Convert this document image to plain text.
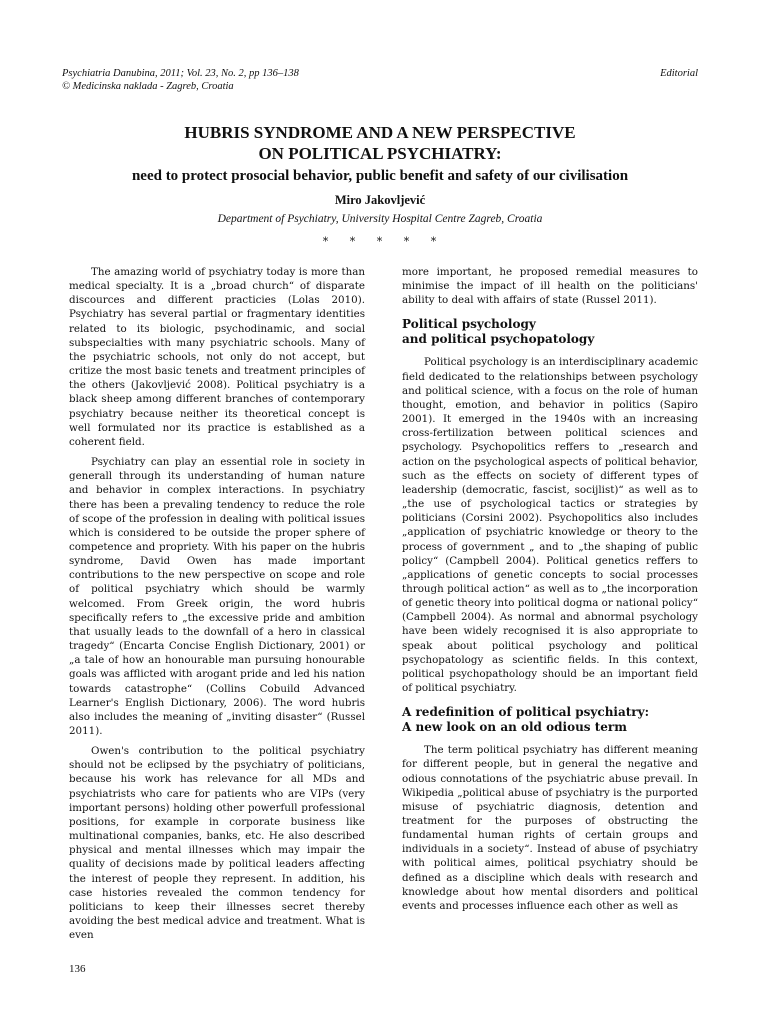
Psychiatria Danubina, 2011; Vol. 23, No. 2, pp 136–138
© Medicinska naklada - Zagreb, Croatia
Editorial
HUBRIS SYNDROME AND A NEW PERSPECTIVE
ON POLITICAL PSYCHIATRY:
need to protect prosocial behavior, public benefit and safety of our civilisation
Miro Jakovljević
Department of Psychiatry, University Hospital Centre Zagreb, Croatia
* * * * *

The amazing world of psychiatry today is more than medical specialty. It is a „broad church“ of disparate discources and different practicies (Lolas 2010). Psychiatry has several partial or fragmentary identities related to its biologic, psychodinamic, and social subspecialties with many psychiatric schools. Many of the psychiatric schools, not only do not accept, but critize the most basic tenets and treatment principles of the others (Jakovljević 2008). Political psychiatry is a black sheep among different branches of contemporary psychiatry because neither its theoretical concept is well formulated nor its practice is established as a coherent field.

Psychiatry can play an essential role in society in generall through its understanding of human nature and behavior in complex interactions. In psychiatry there has been a prevaling tendency to reduce the role of scope of the profession in dealing with political issues which is considered to be outside the proper sphere of competence and propriety. With his paper on the hubris syndrome, David Owen has made important contributions to the new perspective on scope and role of political psychiatry which should be warmly welcomed. From Greek origin, the word hubris specifically refers to „the excessive pride and ambition that usually leads to the downfall of a hero in classical tragedy“ (Encarta Concise English Dictionary, 2001) or „a tale of how an honourable man pursuing honourable goals was afflicted with arogant pride and led his nation towards catastrophe“ (Collins Cobuild Advanced Learner's English Dictionary, 2006). The word hubris also includes the meaning of „inviting disaster“ (Russel 2011).

Owen's contribution to the political psychiatry should not be eclipsed by the psychiatry of politicians, because his work has relevance for all MDs and psychiatrists who care for patients who are VIPs (very important persons) holding other powerfull professional positions, for example in corporate business like multinational companies, banks, etc. He also described physical and mental illnesses which may impair the quality of decisions made by political leaders affecting the interest of people they represent. In addition, his case histories revealed the common tendency for politicians to keep their illnesses secret thereby avoiding the best medical advice and treatment. What is even

more important, he proposed remedial measures to minimise the impact of ill health on the politicians' ability to deal with affairs of state (Russel 2011).

Political psychology
and political psychopatology

Political psychology is an interdisciplinary academic field dedicated to the relationships between psychology and political science, with a focus on the role of human thought, emotion, and behavior in politics (Sapiro 2001). It emerged in the 1940s with an increasing cross-fertilization between political sciences and psychology. Psychopolitics reffers to „research and action on the psychological aspects of political behavior, such as the effects on society of different types of leadership (democratic, fascist, socijlist)“ as well as to „the use of psychological tactics or strategies by politicians (Corsini 2002). Psychopolitics also includes „application of psychiatric knowledge or theory to the process of government „ and to „the shaping of public policy“ (Campbell 2004). Political genetics reffers to „applications of genetic concepts to social processes through political action“ as well as to „the incorporation of genetic theory into political dogma or national policy“ (Campbell 2004). As normal and abnormal psychology have been widely recognised it is also appropriate to speak about political psychology and political psychopatology as scientific fields. In this context, political psychopathology should be an important field of political psychiatry.

A redefinition of political psychiatry:
A new look on an old odious term

The term political psychiatry has different meaning for different people, but in general the negative and odious connotations of the psychiatric abuse prevail. In Wikipedia „political abuse of psychiatry is the purported misuse of psychiatric diagnosis, detention and treatment for the purposes of obstructing the fundamental human rights of certain groups and individuals in a society“. Instead of abuse of psychiatry with political aimes, political psychiatry should be defined as a discipline which deals with research and knowledge about how mental disorders and political events and processes influence each other as well as

136
